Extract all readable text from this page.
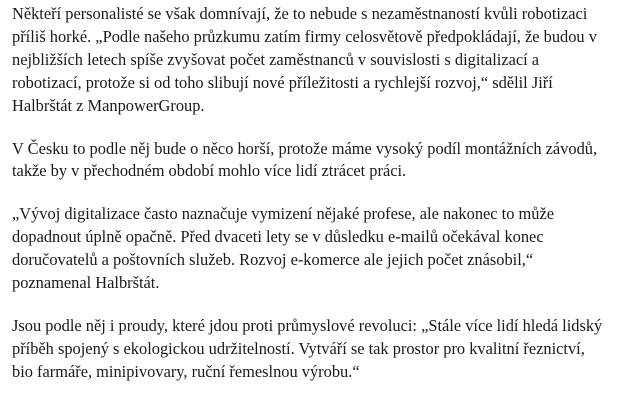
Někteří personalisté se však domnívají, že to nebude s nezaměstnaností kvůli robotizaci
příliš horké. „Podle našeho průzkumu zatím firmy celosvětově předpokládají, že budou v
nejbližších letech spíše zvyšovat počet zaměstnanců v souvislosti s digitalizací a
robotizací, protože si od toho slibují nové příležitosti a rychlejší rozvoj,“ sdělil Jiří
Halbrštát z ManpowerGroup.

V Česku to podle něj bude o něco horší, protože máme vysoký podíl montážních závodů,
takže by v přechodném období mohlo více lidí ztrácet práci.

„Vývoj digitalizace často naznačuje vymizení nějaké profese, ale nakonec to může
dopadnout úplně opačně. Před dvaceti lety se v důsledku e-mailů očekával konec
doručovatelů a poštovních služeb. Rozvoj e-komerce ale jejich počet znásobil,“
poznamenal Halbrštát.

Jsou podle něj i proudy, které jdou proti průmyslové revoluci: „Stále více lidí hledá lidský
příběh spojený s ekologickou udržitelností. Vytváří se tak prostor pro kvalitní řeznictví,
bio farmáře, minipivovary, ruční řemeslnou výrobu.“
